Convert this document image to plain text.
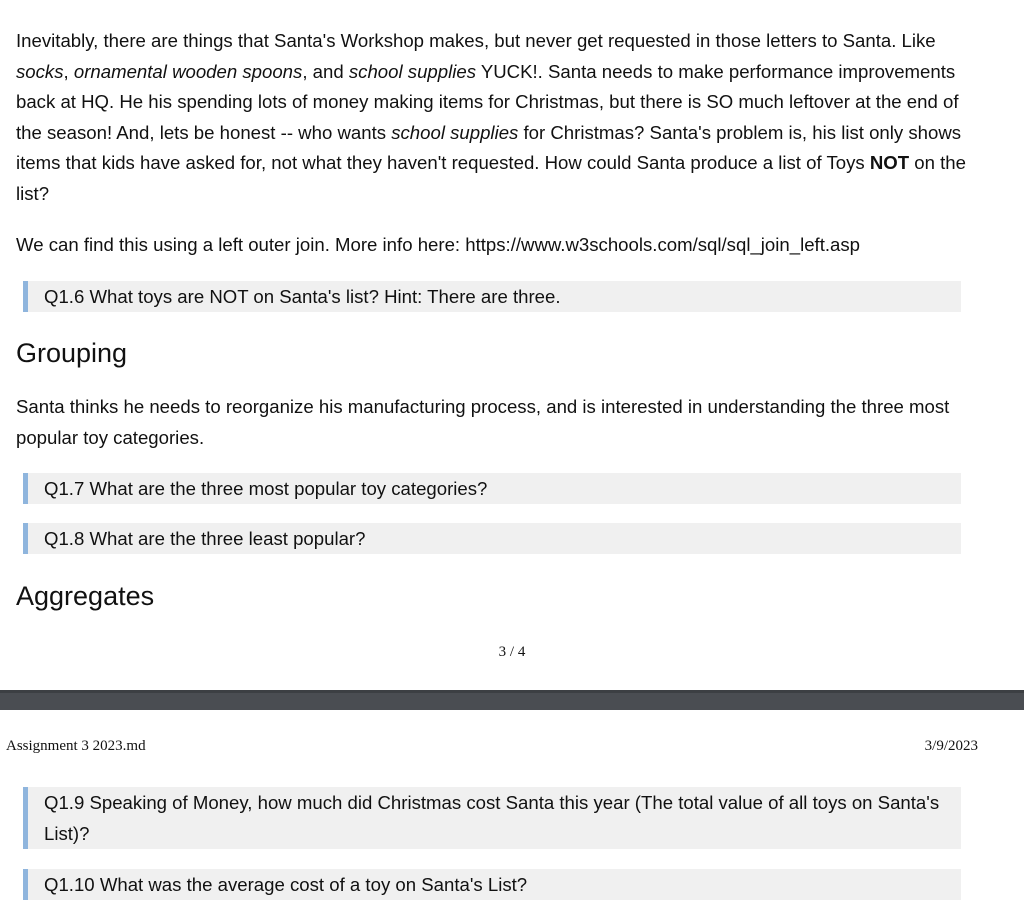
Inevitably, there are things that Santa's Workshop makes, but never get requested in those letters to Santa. Like socks, ornamental wooden spoons, and school supplies YUCK!. Santa needs to make performance improvements back at HQ. He his spending lots of money making items for Christmas, but there is SO much leftover at the end of the season! And, lets be honest -- who wants school supplies for Christmas? Santa's problem is, his list only shows items that kids have asked for, not what they haven't requested. How could Santa produce a list of Toys NOT on the list?

We can find this using a left outer join. More info here: https://www.w3schools.com/sql/sql_join_left.asp

Q1.6 What toys are NOT on Santa's list? Hint: There are three.
Grouping

Santa thinks he needs to reorganize his manufacturing process, and is interested in understanding the three most popular toy categories.

Q1.7 What are the three most popular toy categories?
Q1.8 What are the three least popular?
Aggregates
3 / 4
Assignment 3 2023.md	3/9/2023
Q1.9 Speaking of Money, how much did Christmas cost Santa this year (The total value of all toys on Santa's List)?
Q1.10 What was the average cost of a toy on Santa's List?
